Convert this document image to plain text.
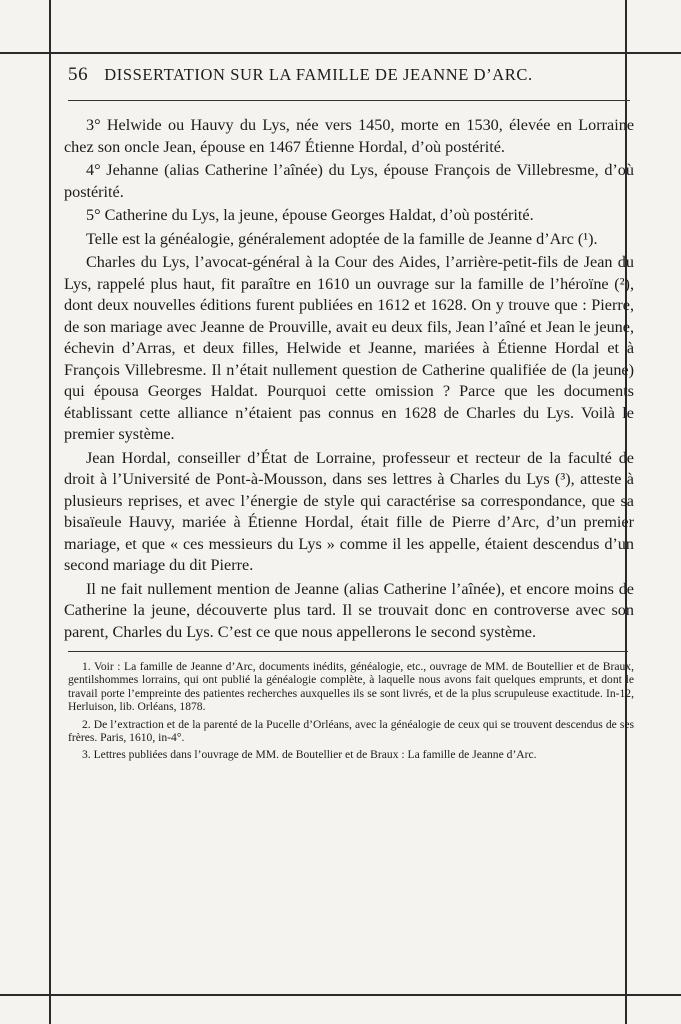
56 DISSERTATION SUR LA FAMILLE DE JEANNE D’ARC.

3° Helwide ou Hauvy du Lys, née vers 1450, morte en 1530, élevée en Lorraine chez son oncle Jean, épouse en 1467 Étienne Hordal, d’où postérité.

4° Jehanne (alias Catherine l’aînée) du Lys, épouse François de Villebresme, d’où postérité.

5° Catherine du Lys, la jeune, épouse Georges Haldat, d’où postérité.

Telle est la généalogie, généralement adoptée de la famille de Jeanne d’Arc (¹).

Charles du Lys, l’avocat-général à la Cour des Aides, l’arrière-petit-fils de Jean du Lys, rappelé plus haut, fit paraître en 1610 un ouvrage sur la famille de l’héroïne (²), dont deux nouvelles éditions furent publiées en 1612 et 1628. On y trouve que : Pierre, de son mariage avec Jeanne de Prouville, avait eu deux fils, Jean l’aîné et Jean le jeune, échevin d’Arras, et deux filles, Helwide et Jeanne, mariées à Étienne Hordal et à François Villebresme. Il n’était nullement question de Catherine qualifiée de (la jeune) qui épousa Georges Haldat. Pourquoi cette omission ? Parce que les documents établissant cette alliance n’étaient pas connus en 1628 de Charles du Lys. Voilà le premier système.

Jean Hordal, conseiller d’État de Lorraine, professeur et recteur de la faculté de droit à l’Université de Pont-à-Mousson, dans ses lettres à Charles du Lys (³), atteste à plusieurs reprises, et avec l’énergie de style qui caractérise sa correspondance, que sa bisaïeule Hauvy, mariée à Étienne Hordal, était fille de Pierre d’Arc, d’un premier mariage, et que « ces messieurs du Lys » comme il les appelle, étaient descendus d’un second mariage du dit Pierre.

Il ne fait nullement mention de Jeanne (alias Catherine l’aînée), et encore moins de Catherine la jeune, découverte plus tard. Il se trouvait donc en controverse avec son parent, Charles du Lys. C’est ce que nous appellerons le second système.

1. Voir : La famille de Jeanne d’Arc, documents inédits, généalogie, etc., ouvrage de MM. de Boutellier et de Braux, gentilshommes lorrains, qui ont publié la généalogie complète, à laquelle nous avons fait quelques emprunts, et dont le travail porte l’empreinte des patientes recherches auxquelles ils se sont livrés, et de la plus scrupuleuse exactitude. In-12, Herluison, lib. Orléans, 1878.

2. De l’extraction et de la parenté de la Pucelle d’Orléans, avec la généalogie de ceux qui se trouvent descendus de ses frères. Paris, 1610, in-4°.

3. Lettres publiées dans l’ouvrage de MM. de Boutellier et de Braux : La famille de Jeanne d’Arc.
